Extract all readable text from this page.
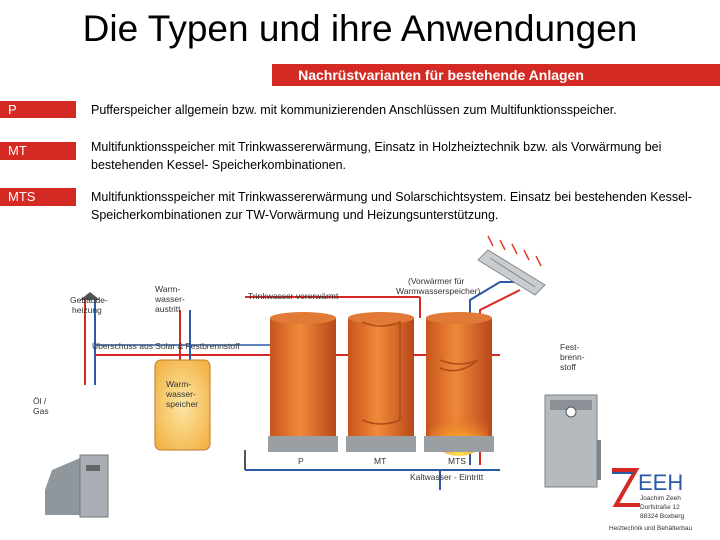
Die Typen und ihre Anwendungen
Nachrüstvarianten für bestehende Anlagen
P	Pufferspeicher allgemein bzw. mit kommunizierenden Anschlüssen zum Multifunktionsspeicher.
MT	Multifunktionsspeicher mit Trinkwassererwärmung, Einsatz in Holzheiztechnik bzw. als Vorwärmung bei bestehenden Kessel- Speicherkombinationen.
MTS	Multifunktionsspeicher mit Trinkwassererwärmung und Solarschichtsystem. Einsatz bei bestehenden Kessel-Speicherkombinationen zur TW-Vorwärmung und Heizungsunterstützung.
Gebäude-
heizung
Warm-
wasser-
austritt
Trinkwasser vorerwärmt
(Vorwärmer für
Warmwasserspeicher)
Überschuss aus Solar & Festbrennstoff
Öl /
Gas
Warm-
wasser-
speicher
Fest-
brenn-
stoff
P	MT	MTS
Kaltwasser - Eintritt	EEH
Joachim Zeeh
Dorfstraße 12
88324 Boxberg
Heiztechnik und Behälterbau
